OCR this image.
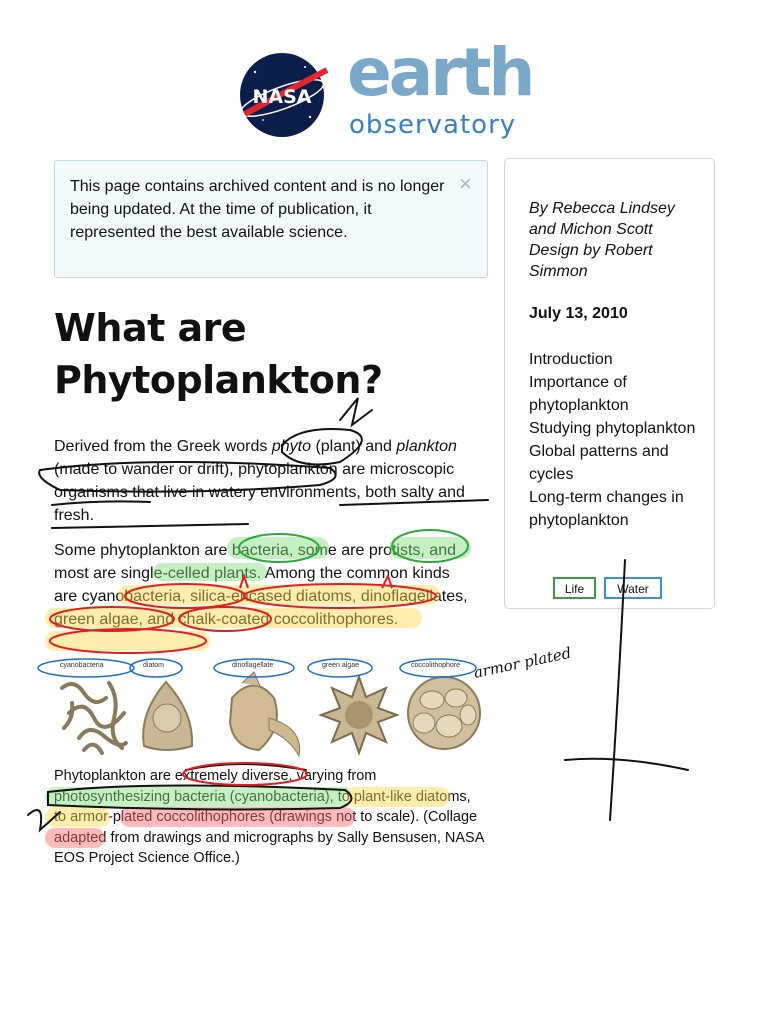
NASA earth
observatory
This page contains archived content and is no longer being updated. At the time of publication, it represented the best available science.
×
By Rebecca Lindsey and Michon Scott Design by Robert Simmon
July 13, 2010
Introduction
Importance of phytoplankton
Studying phytoplankton
Global patterns and cycles
Long-term changes in phytoplankton
Life	Water
What are Phytoplankton?
Derived from the Greek words phyto (plant) and plankton (made to wander or drift), phytoplankton are microscopic organisms that live in watery environments, both salty and fresh.
Some phytoplankton are bacteria, some are protists, and most are single-celled plants. Among the common kinds are cyanobacteria, silica-encased diatoms, dinoflagellates, green algae, and chalk-coated coccolithophores.
cyanobacteria	diatom	dinoflagellate	green algae	coccolithophore
Phytoplankton are extremely diverse, varying from photosynthesizing bacteria (cyanobacteria), to plant-like diatoms, to armor-plated coccolithophores (drawings not to scale). (Collage adapted from drawings and micrographs by Sally Bensusen, NASA EOS Project Science Office.)
armor plated
